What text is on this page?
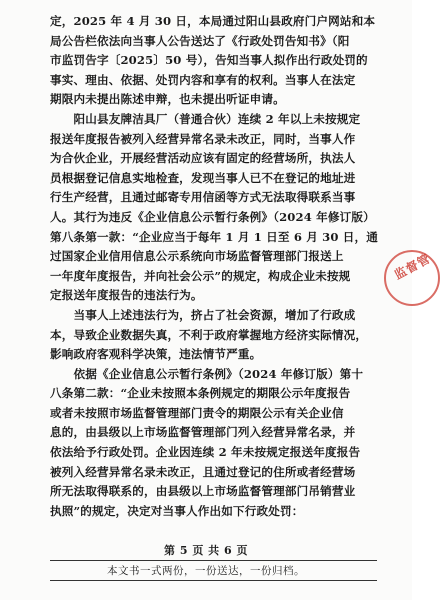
定，2025 年 4 月 30 日，本局通过阳山县政府门户网站和本
局公告栏依法向当事人公告送达了《行政处罚告知书》（阳
市监罚告字〔2025〕50 号），告知当事人拟作出行政处罚的
事实、理由、依据、处罚内容和享有的权利。当事人在法定
期限内未提出陈述申辩，也未提出听证申请。
　　阳山县友牌洁具厂（普通合伙）连续 2 年以上未按规定
报送年度报告被列入经营异常名录未改正，同时，当事人作
为合伙企业，开展经营活动应该有固定的经营场所，执法人
员根据登记信息实地检查，发现当事人已不在登记的地址进
行生产经营，且通过邮寄专用信函等方式无法取得联系当事
人。其行为违反《企业信息公示暂行条例》（2024 年修订版）
第八条第一款：“企业应当于每年 1 月 1 日至 6 月 30 日，通
过国家企业信用信息公示系统向市场监督管理部门报送上
一年度年度报告，并向社会公示”的规定，构成企业未按规
定报送年度报告的违法行为。
　　当事人上述违法行为，挤占了社会资源，增加了行政成
本，导致企业数据失真，不利于政府掌握地方经济实际情况，
影响政府客观科学决策，违法情节严重。
　　依据《企业信息公示暂行条例》（2024 年修订版）第十
八条第二款：“企业未按照本条例规定的期限公示年度报告
或者未按照市场监督管理部门责令的期限公示有关企业信
息的，由县级以上市场监督管理部门列入经营异常名录，并
依法给予行政处罚。企业因连续 2 年未按规定报送年度报告
被列入经营异常名录未改正，且通过登记的住所或者经营场
所无法取得联系的，由县级以上市场监督管理部门吊销营业
执照”的规定，决定对当事人作出如下行政处罚：
监督管
第 5 页 共 6 页
本文书一式两份，一份送达，一份归档。
